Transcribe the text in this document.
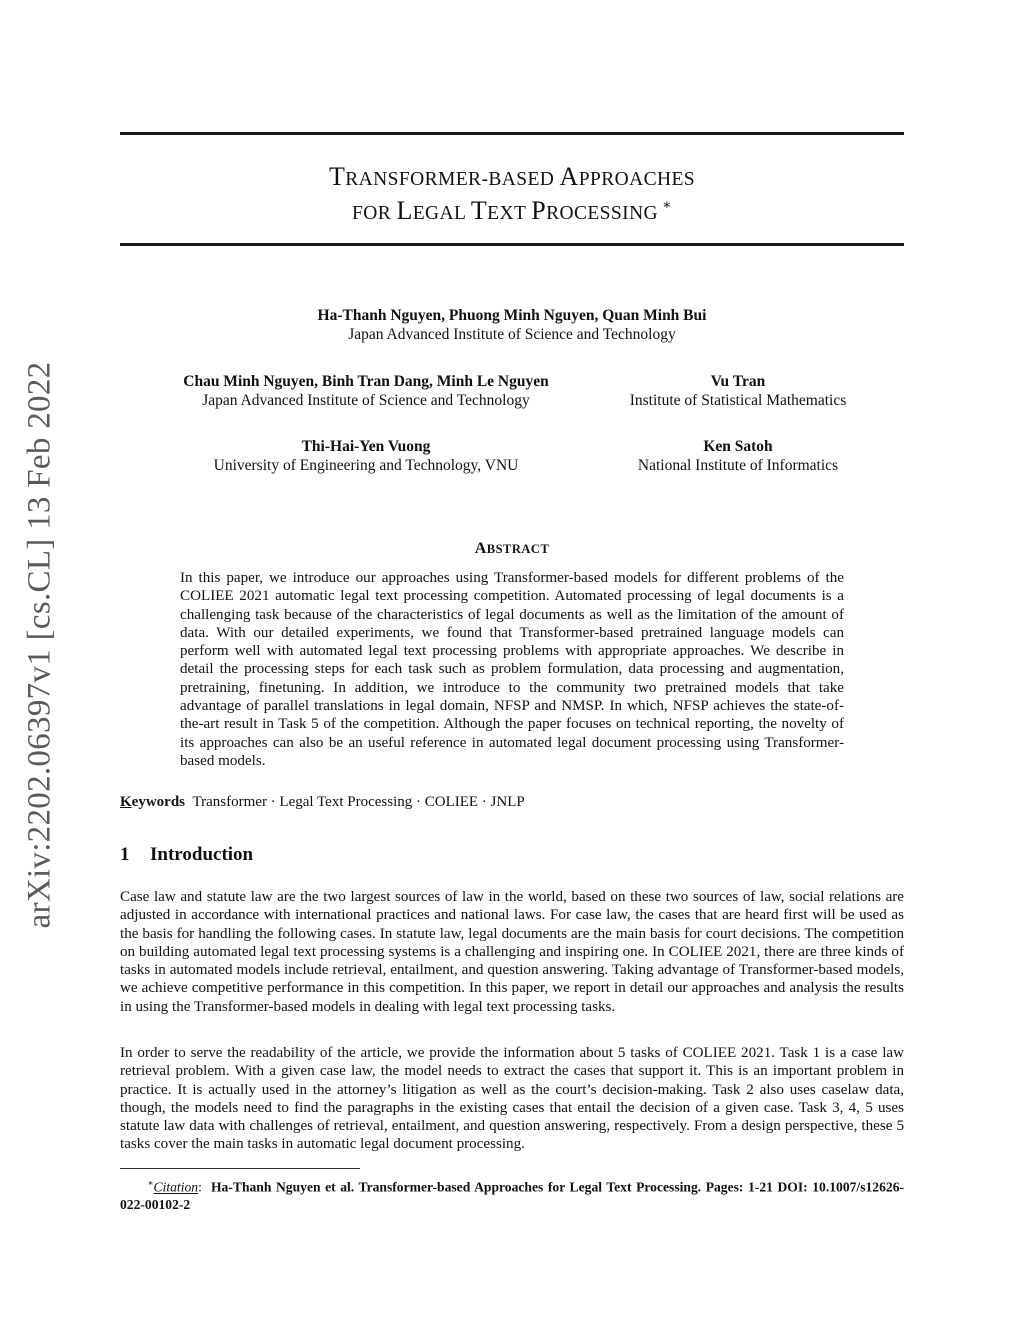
arXiv:2202.06397v1 [cs.CL] 13 Feb 2022
TRANSFORMER-BASED APPROACHES
FOR LEGAL TEXT PROCESSING ∗
Ha-Thanh Nguyen, Phuong Minh Nguyen, Quan Minh Bui
Japan Advanced Institute of Science and Technology
Chau Minh Nguyen, Binh Tran Dang, Minh Le Nguyen
Japan Advanced Institute of Science and Technology
Vu Tran
Institute of Statistical Mathematics
Thi-Hai-Yen Vuong
University of Engineering and Technology, VNU
Ken Satoh
National Institute of Informatics
ABSTRACT

In this paper, we introduce our approaches using Transformer-based models for different problems of the COLIEE 2021 automatic legal text processing competition. Automated processing of legal documents is a challenging task because of the characteristics of legal documents as well as the limitation of the amount of data. With our detailed experiments, we found that Transformer-based pretrained language models can perform well with automated legal text processing problems with appropriate approaches. We describe in detail the processing steps for each task such as problem formulation, data processing and augmentation, pretraining, finetuning. In addition, we introduce to the community two pretrained models that take advantage of parallel translations in legal domain, NFSP and NMSP. In which, NFSP achieves the state-of-the-art result in Task 5 of the competition. Although the paper focuses on technical reporting, the novelty of its approaches can also be an useful reference in automated legal document processing using Transformer-based models.

Keywords Transformer · Legal Text Processing · COLIEE · JNLP
1 Introduction

Case law and statute law are the two largest sources of law in the world, based on these two sources of law, social relations are adjusted in accordance with international practices and national laws. For case law, the cases that are heard first will be used as the basis for handling the following cases. In statute law, legal documents are the main basis for court decisions. The competition on building automated legal text processing systems is a challenging and inspiring one. In COLIEE 2021, there are three kinds of tasks in automated models include retrieval, entailment, and question answering. Taking advantage of Transformer-based models, we achieve competitive performance in this competition. In this paper, we report in detail our approaches and analysis the results in using the Transformer-based models in dealing with legal text processing tasks.

In order to serve the readability of the article, we provide the information about 5 tasks of COLIEE 2021. Task 1 is a case law retrieval problem. With a given case law, the model needs to extract the cases that support it. This is an important problem in practice. It is actually used in the attorney’s litigation as well as the court’s decision-making. Task 2 also uses caselaw data, though, the models need to find the paragraphs in the existing cases that entail the decision of a given case. Task 3, 4, 5 uses statute law data with challenges of retrieval, entailment, and question answering, respectively. From a design perspective, these 5 tasks cover the main tasks in automatic legal document processing.

∗Citation:  Ha-Thanh Nguyen et al. Transformer-based Approaches for Legal Text Processing. Pages: 1-21 DOI: 10.1007/s12626-022-00102-2
